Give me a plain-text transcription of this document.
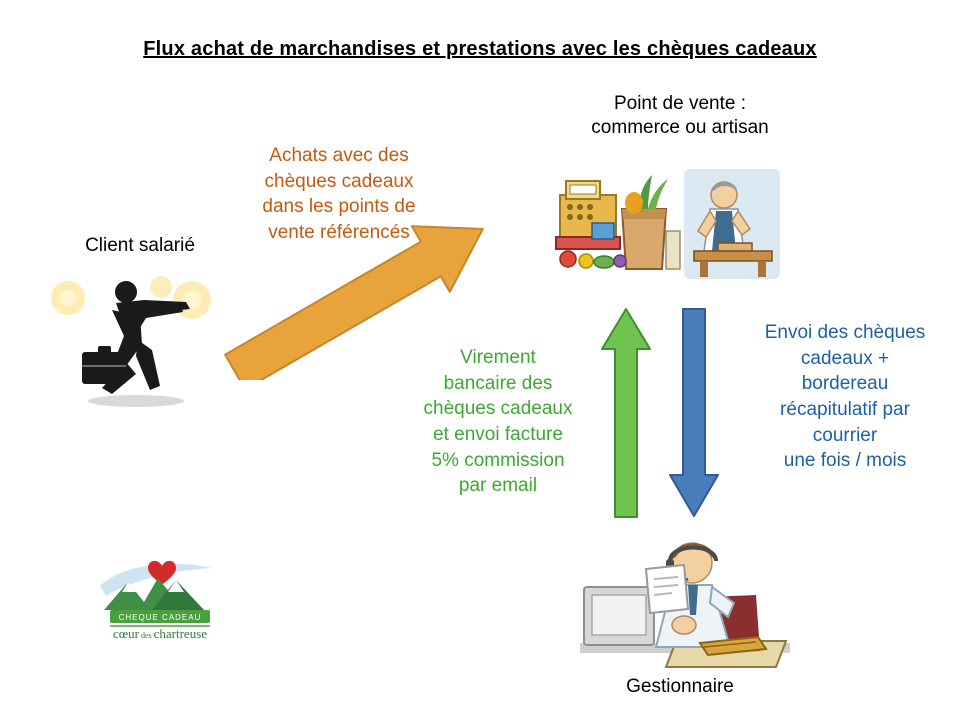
Flux achat de marchandises et prestations avec les chèques cadeaux
Point de vente :
commerce ou artisan
Client salarié
Gestionnaire
CHEQUE CADEAU
cœur des chartreuse
Achats avec des
chèques cadeaux
dans les points de
vente référencés
Virement
bancaire des
chèques cadeaux
et envoi facture
5% commission
par email
Envoi des chèques
cadeaux +
bordereau
récapitulatif par
courrier
une fois / mois
